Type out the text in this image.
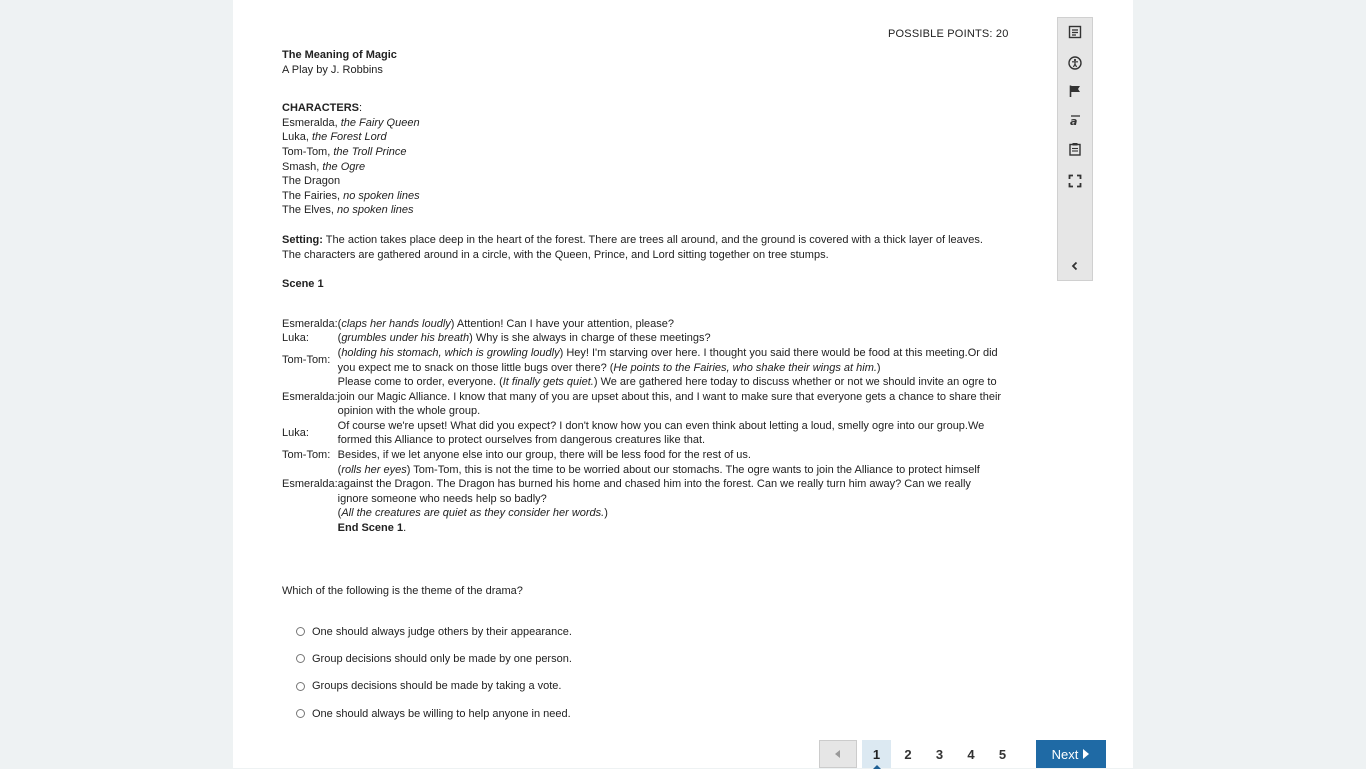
POSSIBLE POINTS: 20
The Meaning of Magic
A Play by J. Robbins
CHARACTERS:
Esmeralda, the Fairy Queen
Luka, the Forest Lord
Tom-Tom, the Troll Prince
Smash, the Ogre
The Dragon
The Fairies, no spoken lines
The Elves, no spoken lines
Setting: The action takes place deep in the heart of the forest. There are trees all around, and the ground is covered with a thick layer of leaves. The characters are gathered around in a circle, with the Queen, Prince, and Lord sitting together on tree stumps.
Scene 1
Esmeralda:	(claps her hands loudly) Attention! Can I have your attention, please?
Luka:	(grumbles under his breath) Why is she always in charge of these meetings?
Tom-Tom:	(holding his stomach, which is growling loudly) Hey! I'm starving over here. I thought you said there would be food at this meeting.Or did you expect me to snack on those little bugs over there? (He points to the Fairies, who shake their wings at him.)
Esmeralda:	Please come to order, everyone. (It finally gets quiet.) We are gathered here today to discuss whether or not we should invite an ogre to join our Magic Alliance. I know that many of you are upset about this, and I want to make sure that everyone gets a chance to share their opinion with the whole group.
Luka:	Of course we're upset! What did you expect? I don't know how you can even think about letting a loud, smelly ogre into our group.We formed this Alliance to protect ourselves from dangerous creatures like that.
Tom-Tom:	Besides, if we let anyone else into our group, there will be less food for the rest of us.
Esmeralda:	(rolls her eyes) Tom-Tom, this is not the time to be worried about our stomachs. The ogre wants to join the Alliance to protect himself against the Dragon. The Dragon has burned his home and chased him into the forest. Can we really turn him away? Can we really ignore someone who needs help so badly?
	(All the creatures are quiet as they consider her words.)
	End Scene 1.
Which of the following is the theme of the drama?
One should always judge others by their appearance.
Group decisions should only be made by one person.
Groups decisions should be made by taking a vote.
One should always be willing to help anyone in need.
a
1	2	3	4	5	Next
